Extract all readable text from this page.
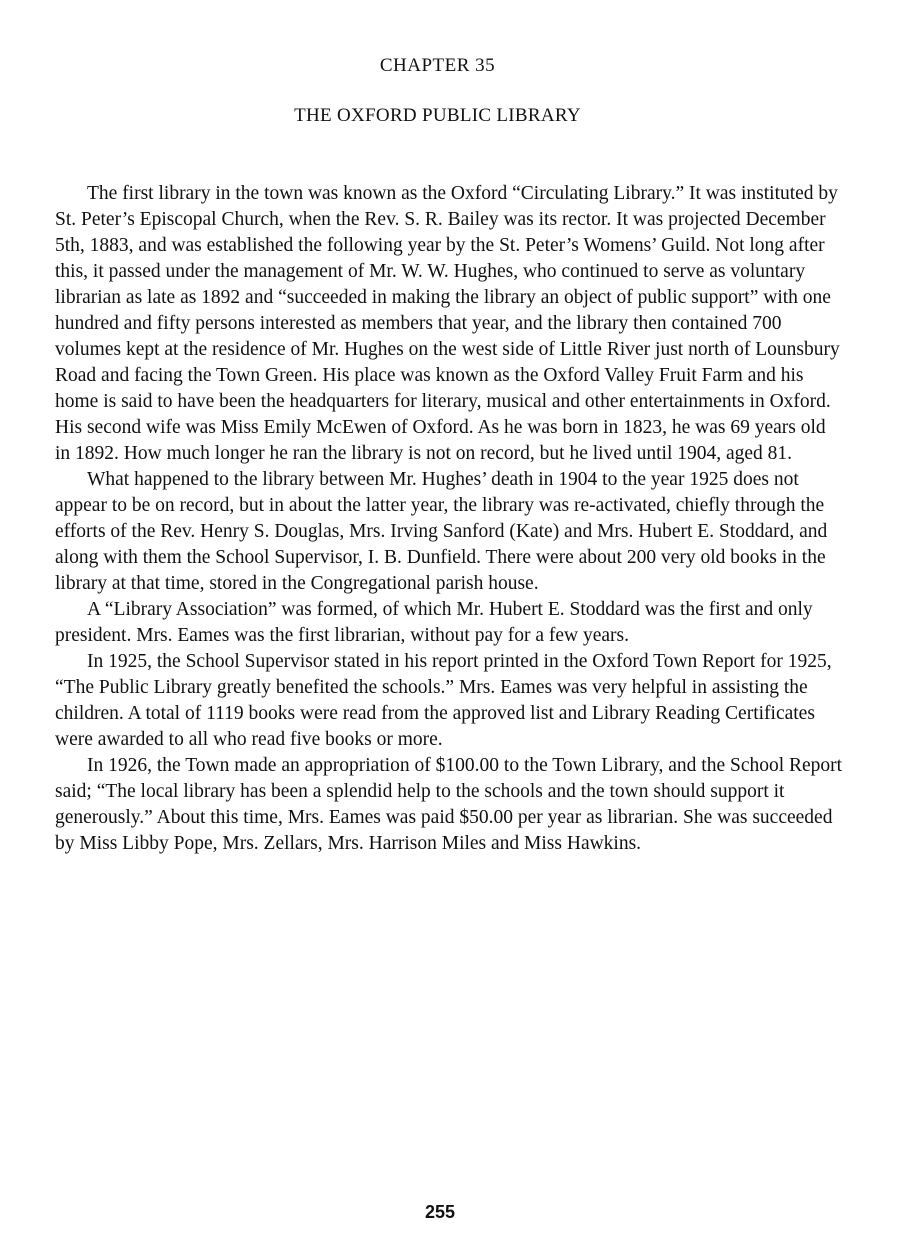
CHAPTER 35
THE OXFORD PUBLIC LIBRARY

The first library in the town was known as the Oxford “Circulating Library.” It was instituted by St. Peter’s Episcopal Church, when the Rev. S. R. Bailey was its rector. It was projected December 5th, 1883, and was established the following year by the St. Peter’s Womens’ Guild. Not long after this, it passed under the management of Mr. W. W. Hughes, who continued to serve as voluntary librarian as late as 1892 and “succeeded in making the library an object of public support” with one hundred and fifty persons interested as members that year, and the library then contained 700 volumes kept at the residence of Mr. Hughes on the west side of Little River just north of Lounsbury Road and facing the Town Green. His place was known as the Oxford Valley Fruit Farm and his home is said to have been the headquarters for literary, musical and other entertainments in Oxford. His second wife was Miss Emily McEwen of Oxford. As he was born in 1823, he was 69 years old in 1892. How much longer he ran the library is not on record, but he lived until 1904, aged 81.

What happened to the library between Mr. Hughes’ death in 1904 to the year 1925 does not appear to be on record, but in about the latter year, the library was re-activated, chiefly through the efforts of the Rev. Henry S. Douglas, Mrs. Irving Sanford (Kate) and Mrs. Hubert E. Stoddard, and along with them the School Supervisor, I. B. Dunfield. There were about 200 very old books in the library at that time, stored in the Congregational parish house.

A “Library Association” was formed, of which Mr. Hubert E. Stoddard was the first and only president. Mrs. Eames was the first librarian, without pay for a few years.

In 1925, the School Supervisor stated in his report printed in the Oxford Town Report for 1925, “The Public Library greatly benefited the schools.” Mrs. Eames was very helpful in assisting the children. A total of 1119 books were read from the approved list and Library Reading Certificates were awarded to all who read five books or more.

In 1926, the Town made an appropriation of $100.00 to the Town Library, and the School Report said; “The local library has been a splendid help to the schools and the town should support it generously.” About this time, Mrs. Eames was paid $50.00 per year as librarian. She was succeeded by Miss Libby Pope, Mrs. Zellars, Mrs. Harrison Miles and Miss Hawkins.

255
